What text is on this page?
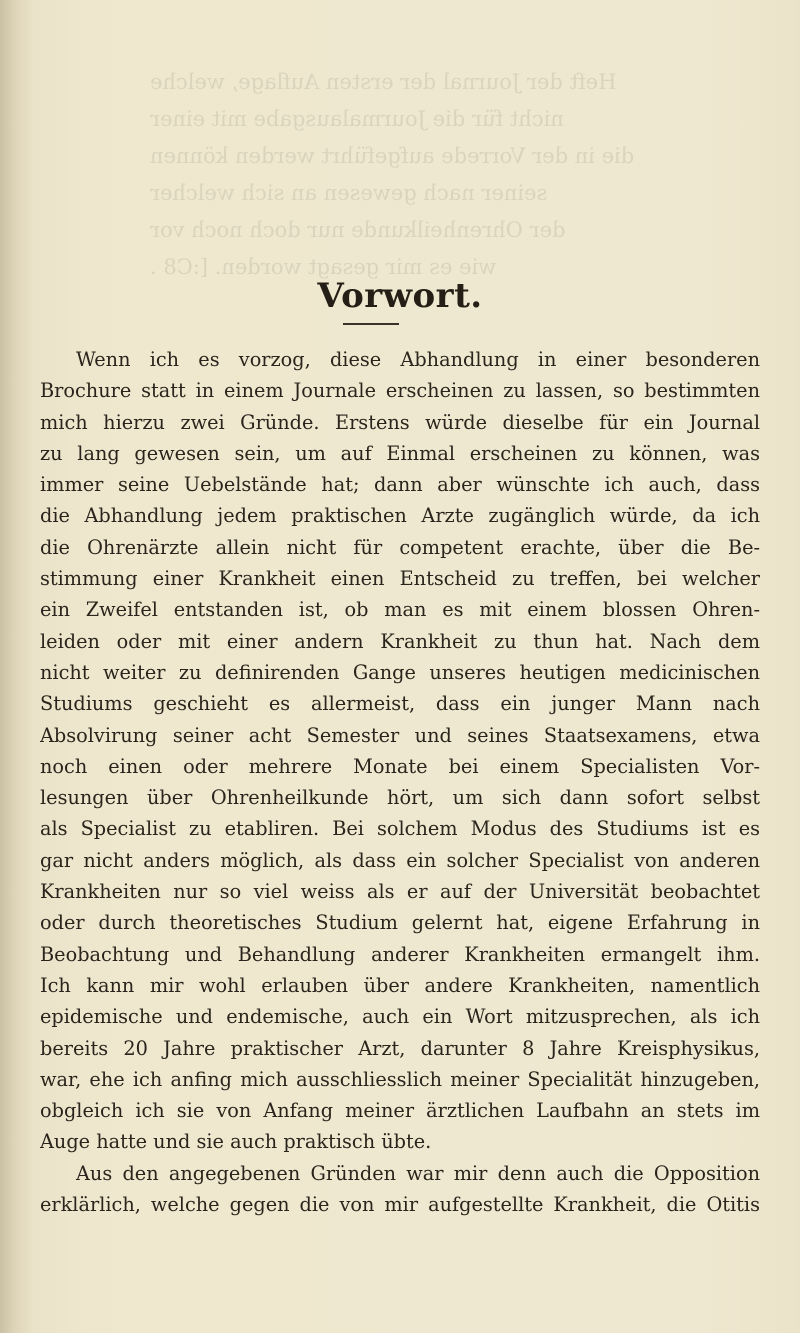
Heft der Journal der ersten Auflage, welche
nicht für die Jourmalausgabe mit einer
die in der Vorrede aufgeführt werden können
seiner nach gewesen an sich welcher
der Ohrenheilkunde nur doch noch vor
wie es mir gesagt worden. [:C8 .
Vorwort.
Wenn ich es vorzog, diese Abhandlung in einer besonderen
Brochure statt in einem Journale erscheinen zu lassen, so bestimmten
mich hierzu zwei Gründe. Erstens würde dieselbe für ein Journal
zu lang gewesen sein, um auf Einmal erscheinen zu können, was
immer seine Uebelstände hat; dann aber wünschte ich auch, dass
die Abhandlung jedem praktischen Arzte zugänglich würde, da ich
die Ohrenärzte allein nicht für competent erachte, über die Be-
stimmung einer Krankheit einen Entscheid zu treffen, bei welcher
ein Zweifel entstanden ist, ob man es mit einem blossen Ohren-
leiden oder mit einer andern Krankheit zu thun hat. Nach dem
nicht weiter zu definirenden Gange unseres heutigen medicinischen
Studiums geschieht es allermeist, dass ein junger Mann nach
Absolvirung seiner acht Semester und seines Staatsexamens, etwa
noch einen oder mehrere Monate bei einem Specialisten Vor-
lesungen über Ohrenheilkunde hört, um sich dann sofort selbst
als Specialist zu etabliren. Bei solchem Modus des Studiums ist es
gar nicht anders möglich, als dass ein solcher Specialist von anderen
Krankheiten nur so viel weiss als er auf der Universität beobachtet
oder durch theoretisches Studium gelernt hat, eigene Erfahrung in
Beobachtung und Behandlung anderer Krankheiten ermangelt ihm.
Ich kann mir wohl erlauben über andere Krankheiten, namentlich
epidemische und endemische, auch ein Wort mitzusprechen, als ich
bereits 20 Jahre praktischer Arzt, darunter 8 Jahre Kreisphysikus,
war, ehe ich anfing mich ausschliesslich meiner Specialität hinzugeben,
obgleich ich sie von Anfang meiner ärztlichen Laufbahn an stets im
Auge hatte und sie auch praktisch übte.
Aus den angegebenen Gründen war mir denn auch die Opposition
erklärlich, welche gegen die von mir aufgestellte Krankheit, die Otitis
